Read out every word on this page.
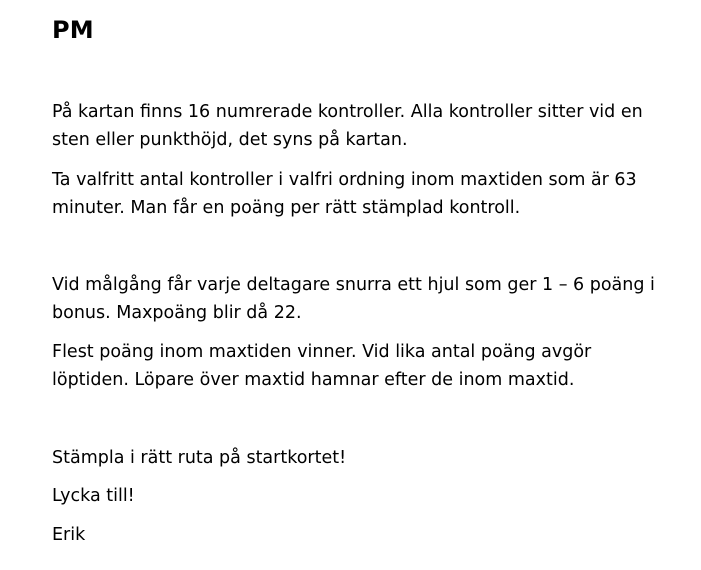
PM

På kartan finns 16 numrerade kontroller. Alla kontroller sitter vid en
sten eller punkthöjd, det syns på kartan.

Ta valfritt antal kontroller i valfri ordning inom maxtiden som är 63
minuter. Man får en poäng per rätt stämplad kontroll.

Vid målgång får varje deltagare snurra ett hjul som ger 1 – 6 poäng i
bonus. Maxpoäng blir då 22.

Flest poäng inom maxtiden vinner. Vid lika antal poäng avgör
löptiden. Löpare över maxtid hamnar efter de inom maxtid.

Stämpla i rätt ruta på startkortet!

Lycka till!

Erik
